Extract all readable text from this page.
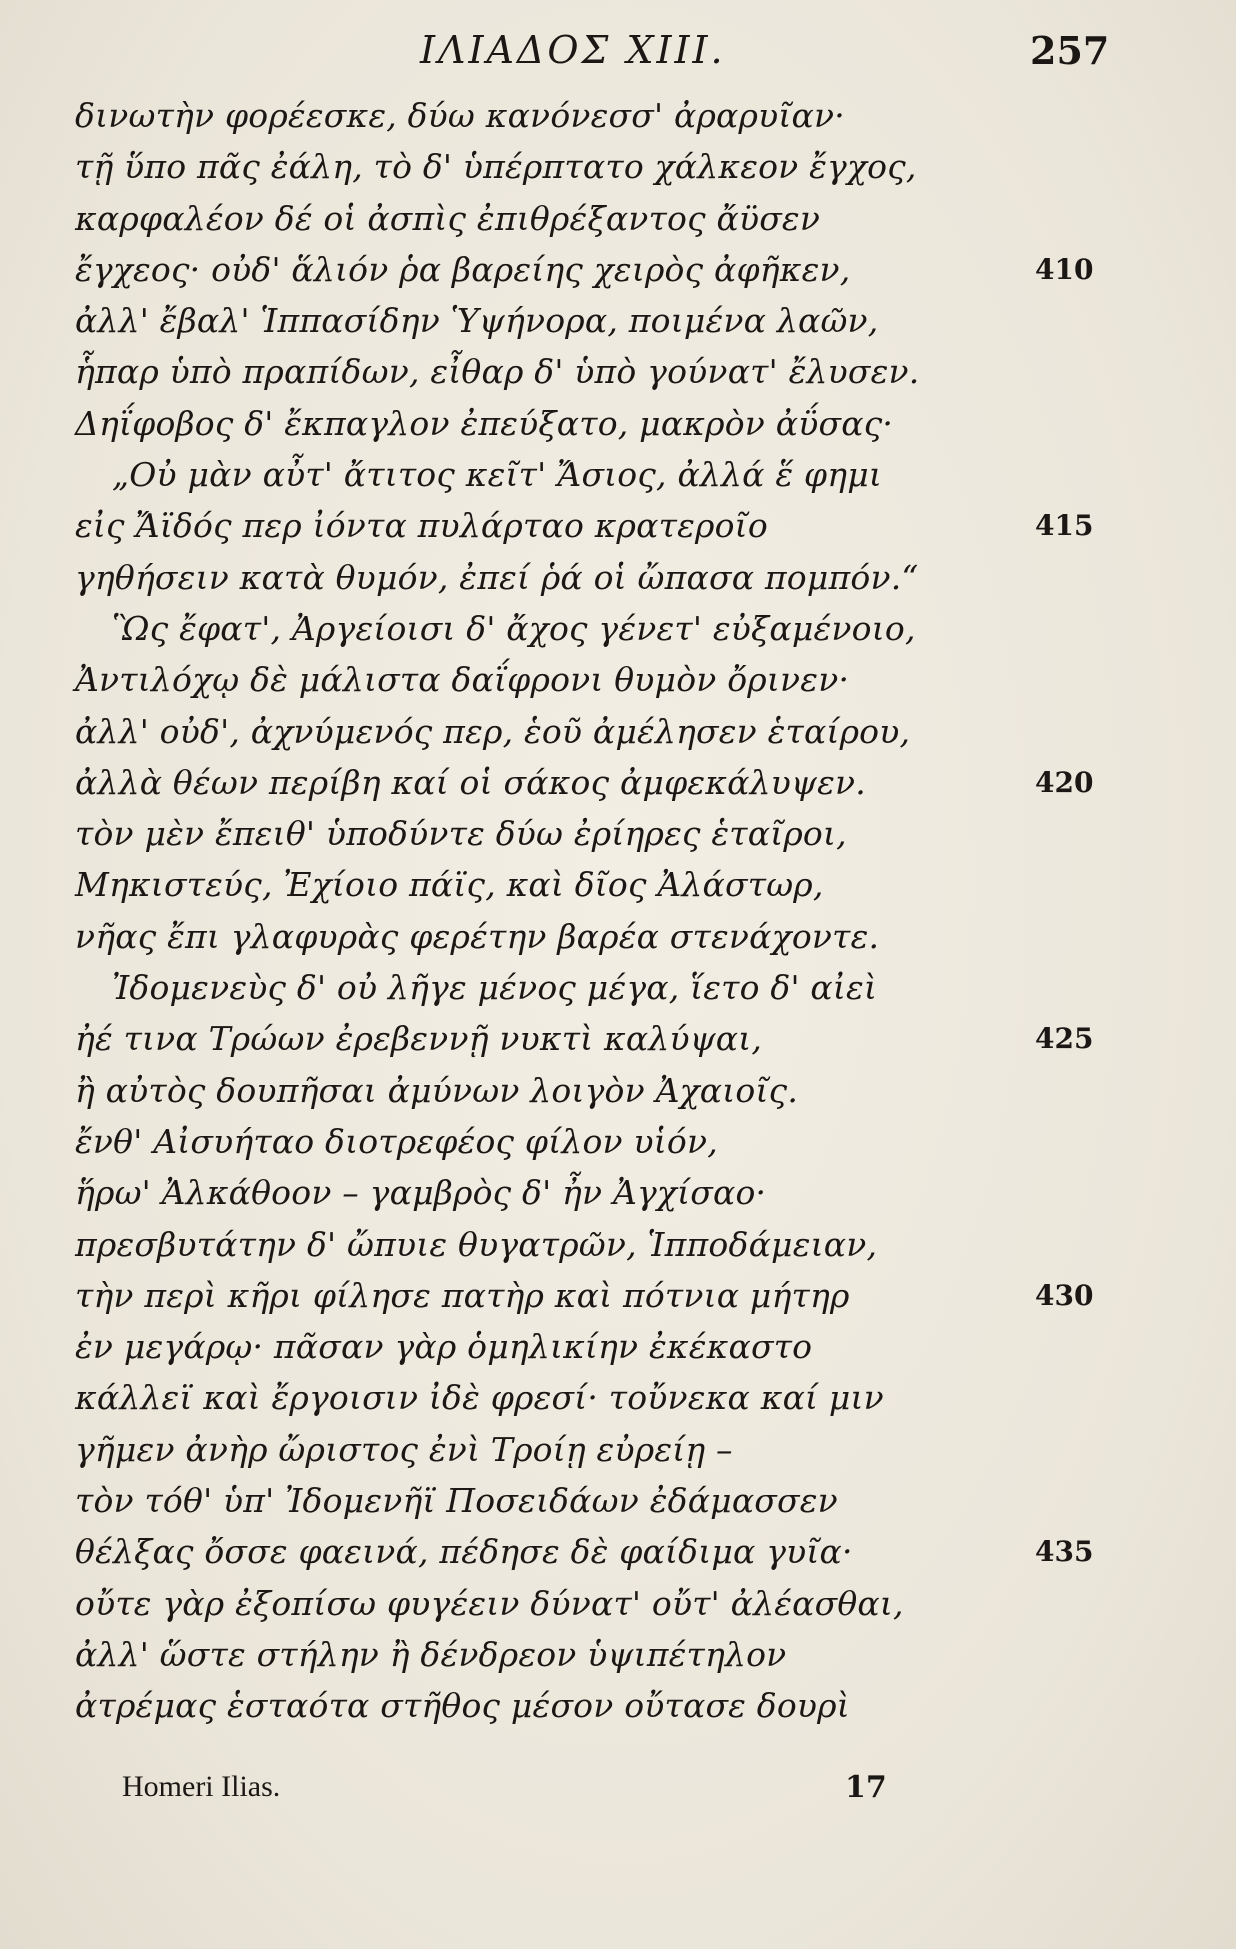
ΙΛΙΑΔΟΣ XIII.	257
δινωτὴν φορέεσκε, δύω κανόνεσσ' ἀραρυῖαν·
τῇ ὕπο πᾶς ἐάλη, τὸ δ' ὑπέρπτατο χάλκεον ἔγχος,
καρφαλέον δέ οἱ ἀσπὶς ἐπιθρέξαντος ἄϋσεν
ἔγχεος· οὐδ' ἅλιόν ῥα βαρείης χειρὸς ἀφῆκεν,	410
ἀλλ' ἔβαλ' Ἱππασίδην Ὑψήνορα, ποιμένα λαῶν,
ἧπαρ ὑπὸ πραπίδων, εἶθαρ δ' ὑπὸ γούνατ' ἔλυσεν.
Δηΐφοβος δ' ἔκπαγλον ἐπεύξατο, μακρὸν ἀΰσας·
„Οὐ μὰν αὖτ' ἄτιτος κεῖτ' Ἄσιος, ἀλλά ἕ φημι
εἰς Ἄϊδός περ ἰόντα πυλάρταο κρατεροῖο	415
γηθήσειν κατὰ θυμόν, ἐπεί ῥά οἱ ὤπασα πομπόν.“
Ὣς ἔφατ', Ἀργείοισι δ' ἄχος γένετ' εὐξαμένοιο,
Ἀντιλόχῳ δὲ μάλιστα δαΐφρονι θυμὸν ὄρινεν·
ἀλλ' οὐδ', ἀχνύμενός περ, ἑοῦ ἀμέλησεν ἑταίρου,
ἀλλὰ θέων περίβη καί οἱ σάκος ἀμφεκάλυψεν.	420
τὸν μὲν ἔπειθ' ὑποδύντε δύω ἐρίηρες ἑταῖροι,
Μηκιστεύς, Ἐχίοιο πάϊς, καὶ δῖος Ἀλάστωρ,
νῆας ἔπι γλαφυρὰς φερέτην βαρέα στενάχοντε.
Ἰδομενεὺς δ' οὐ λῆγε μένος μέγα, ἵετο δ' αἰεὶ
ἠέ τινα Τρώων ἐρεβεννῇ νυκτὶ καλύψαι,	425
ἢ αὐτὸς δουπῆσαι ἀμύνων λοιγὸν Ἀχαιοῖς.
ἔνθ' Αἰσυήταο διοτρεφέος φίλον υἱόν,
ἥρω' Ἀλκάθοον – γαμβρὸς δ' ἦν Ἀγχίσαο·
πρεσβυτάτην δ' ὤπυιε θυγατρῶν, Ἱπποδάμειαν,
τὴν περὶ κῆρι φίλησε πατὴρ καὶ πότνια μήτηρ	430
ἐν μεγάρῳ· πᾶσαν γὰρ ὁμηλικίην ἐκέκαστο
κάλλεϊ καὶ ἔργοισιν ἰδὲ φρεσί· τοὔνεκα καί μιν
γῆμεν ἀνὴρ ὤριστος ἐνὶ Τροίῃ εὐρείῃ –
τὸν τόθ' ὑπ' Ἰδομενῆϊ Ποσειδάων ἐδάμασσεν
θέλξας ὄσσε φαεινά, πέδησε δὲ φαίδιμα γυῖα·	435
οὔτε γὰρ ἐξοπίσω φυγέειν δύνατ' οὔτ' ἀλέασθαι,
ἀλλ' ὥστε στήλην ἢ δένδρεον ὑψιπέτηλον
ἀτρέμας ἑσταότα στῆθος μέσον οὔτασε δουρὶ
Homeri Ilias.	17
